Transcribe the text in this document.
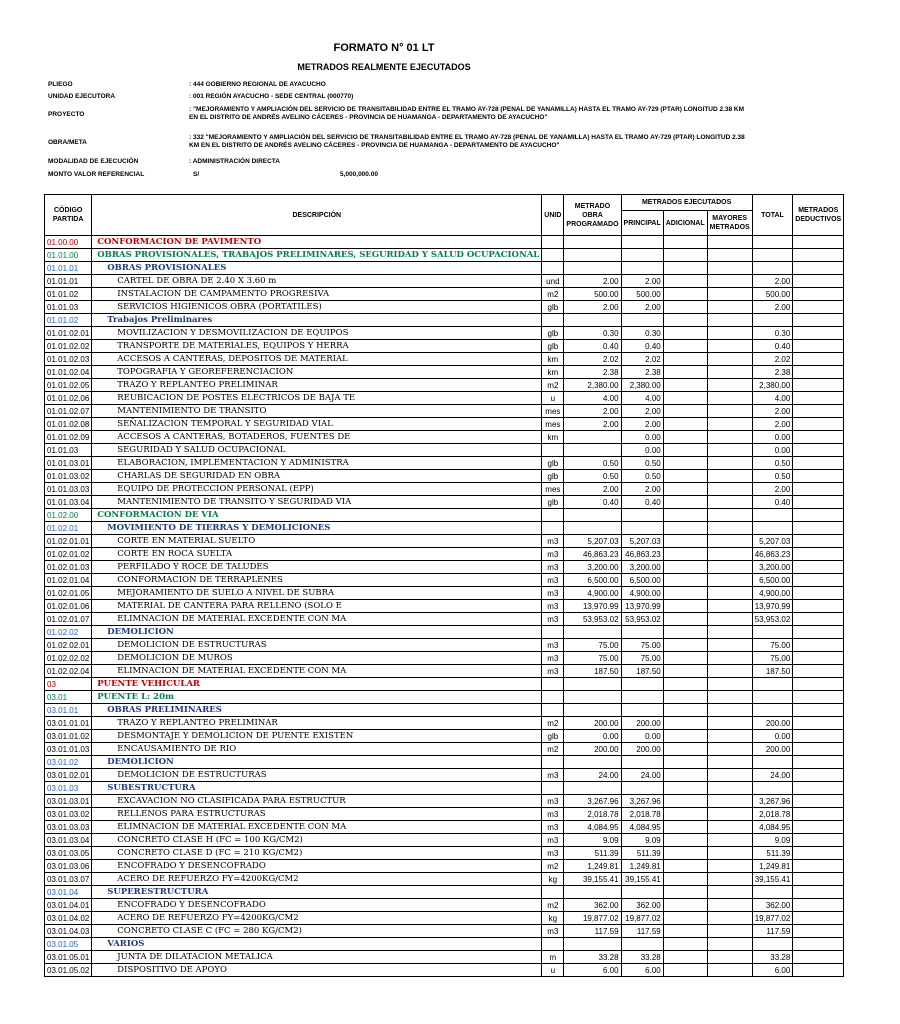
FORMATO N° 01 LT
METRADOS REALMENTE EJECUTADOS
PLIEGO	: 444 GOBIERNO REGIONAL DE AYACUCHO
UNIDAD EJECUTORA	: 001 REGIÓN AYACUCHO - SEDE CENTRAL (000770)
PROYECTO
: "MEJORAMIENTO Y AMPLIACIÓN DEL SERVICIO DE TRANSITABILIDAD ENTRE EL TRAMO AY-728 (PENAL DE YANAMILLA) HASTA EL TRAMO AY-729 (PTAR) LONGITUD 2.38 KM EN EL DISTRITO DE ANDRÉS AVELINO CÁCERES - PROVINCIA DE HUAMANGA - DEPARTAMENTO DE AYACUCHO"
OBRA/META
: 332 "MEJORAMIENTO Y AMPLIACIÓN DEL SERVICIO DE TRANSITABILIDAD ENTRE EL TRAMO AY-728 (PENAL DE YANAMILLA) HASTA EL TRAMO AY-729 (PTAR) LONGITUD 2.38 KM EN EL DISTRITO DE ANDRÉS AVELINO CÁCERES - PROVINCIA DE HUAMANGA - DEPARTAMENTO DE AYACUCHO"
MODALIDAD DE EJECUCIÓN	: ADMINISTRACIÓN DIRECTA
MONTO VALOR REFERENCIAL	S/	5,000,000.00
CÓDIGO PARTIDA	DESCRIPCIÓN	UNID	METRADO OBRA PROGRAMADO	METRADOS EJECUTADOS			TOTAL	METRADOS DEDUCTIVOS
				PRINCIPAL	ADICIONAL	MAYORES METRADOS		
01.00.00	CONFORMACION DE PAVIMENTO							
01.01.00	OBRAS PROVISIONALES, TRABAJOS PRELIMINARES, SEGURIDAD Y SALUD OCUPACIONAL							
01.01.01	OBRAS PROVISIONALES							
01.01.01	CARTEL DE OBRA DE 2.40 X 3.60 m	und	2.00	2.00			2.00	
01.01.02	INSTALACION DE CAMPAMENTO PROGRESIVA	m2	500.00	500.00			500.00	
01.01.03	SERVICIOS HIGIENICOS OBRA (PORTATILES)	glb	2.00	2.00			2.00	
01.01.02	Trabajos Preliminares							
01.01.02.01	MOVILIZACION Y DESMOVILIZACION DE EQUIPOS	glb	0.30	0.30			0.30	
01.01.02.02	TRANSPORTE DE MATERIALES, EQUIPOS Y HERRA	glb	0.40	0.40			0.40	
01.01.02.03	ACCESOS A CANTERAS, DEPOSITOS DE MATERIAL	km	2.02	2.02			2.02	
01.01.02.04	TOPOGRAFIA Y GEOREFERENCIACION	km	2.38	2.38			2.38	
01.01.02.05	TRAZO Y REPLANTEO PRELIMINAR	m2	2,380.00	2,380.00			2,380.00	
01.01.02.06	REUBICACION DE POSTES ELECTRICOS DE BAJA TE	u	4.00	4.00			4.00	
01.01.02.07	MANTENIMIENTO DE TRANSITO	mes	2.00	2.00			2.00	
01.01.02.08	SEÑALIZACION TEMPORAL Y SEGURIDAD VIAL	mes	2.00	2.00			2.00	
01.01.02.09	ACCESOS A CANTERAS, BOTADEROS, FUENTES DE	km		0.00			0.00	
01.01.03	SEGURIDAD Y SALUD OCUPACIONAL			0.00			0.00	
01.01.03.01	ELABORACION, IMPLEMENTACION Y ADMINISTRA	glb	0.50	0.50			0.50	
01.01.03.02	CHARLAS DE SEGURIDAD EN OBRA	glb	0.50	0.50			0.50	
01.01.03.03	EQUIPO DE PROTECCION PERSONAL (EPP)	mes	2.00	2.00			2.00	
01.01.03.04	MANTENIMIENTO DE TRANSITO Y SEGURIDAD VIA	glb	0.40	0.40			0.40	
01.02.00	CONFORMACION DE VIA							
01.02.01	MOVIMIENTO DE TIERRAS Y DEMOLICIONES							
01.02.01.01	CORTE EN MATERIAL SUELTO	m3	5,207.03	5,207.03			5,207.03	
01.02.01.02	CORTE EN ROCA SUELTA	m3	46,863.23	46,863.23			46,863.23	
01.02.01.03	PERFILADO Y ROCE DE TALUDES	m3	3,200.00	3,200.00			3,200.00	
01.02.01.04	CONFORMACION DE TERRAPLENES	m3	6,500.00	6,500.00			6,500.00	
01.02.01.05	MEJORAMIENTO DE SUELO A NIVEL DE SUBRA	m3	4,900.00	4,900.00			4,900.00	
01.02.01.06	MATERIAL DE CANTERA PARA RELLENO (SOLO E	m3	13,970.99	13,970.99			13,970.99	
01.02.01.07	ELIMNACION DE MATERIAL EXCEDENTE CON MA	m3	53,953.02	53,953.02			53,953.02	
01.02.02	DEMOLICION							
01.02.02.01	DEMOLICION DE ESTRUCTURAS	m3	75.00	75.00			75.00	
01.02.02.02	DEMOLICION DE MUROS	m3	75.00	75.00			75.00	
01.02.02.04	ELIMNACION DE MATERIAL EXCEDENTE CON MA	m3	187.50	187.50			187.50	
03	PUENTE VEHICULAR							
03.01	PUENTE L: 20m							
03.01.01	OBRAS PRELIMINARES							
03.01.01.01	TRAZO Y REPLANTEO PRELIMINAR	m2	200.00	200.00			200.00	
03.01.01.02	DESMONTAJE Y DEMOLICION DE PUENTE EXISTEN	glb	0.00	0.00			0.00	
03.01.01.03	ENCAUSAMIENTO DE RIO	m2	200.00	200.00			200.00	
03.01.02	DEMOLICION							
03.01.02.01	DEMOLICION DE ESTRUCTURAS	m3	24.00	24.00			24.00	
03.01.03	SUBESTRUCTURA							
03.01.03.01	EXCAVACION NO CLASIFICADA PARA ESTRUCTUR	m3	3,267.96	3,267.96			3,267.96	
03.01.03.02	RELLENOS PARA ESTRUCTURAS	m3	2,018.78	2,018.78			2,018.78	
03.01.03.03	ELIMNACION DE MATERIAL EXCEDENTE CON MA	m3	4,084.95	4,084.95			4,084.95	
03.01.03.04	CONCRETO CLASE H (FC = 100 KG/CM2)	m3	9.09	9.09			9.09	
03.01.03.05	CONCRETO CLASE D (FC = 210 KG/CM2)	m3	511.39	511.39			511.39	
03.01.03.06	ENCOFRADO Y DESENCOFRADO	m2	1,249.81	1,249.81			1,249.81	
03.01.03.07	ACERO DE REFUERZO FY=4200KG/CM2	kg	39,155.41	39,155.41			39,155.41	
03.01.04	SUPERESTRUCTURA							
03.01.04.01	ENCOFRADO Y DESENCOFRADO	m2	362.00	362.00			362.00	
03.01.04.02	ACERO DE REFUERZO FY=4200KG/CM2	kg	19,877.02	19,877.02			19,877.02	
03.01.04.03	CONCRETO CLASE C (FC = 280 KG/CM2)	m3	117.59	117.59			117.59	
03.01.05	VARIOS							
03.01.05.01	JUNTA DE DILATACION METALICA	m	33.28	33.28			33.28	
03.01.05.02	DISPOSITIVO DE APOYO	u	6.00	6.00			6.00	
